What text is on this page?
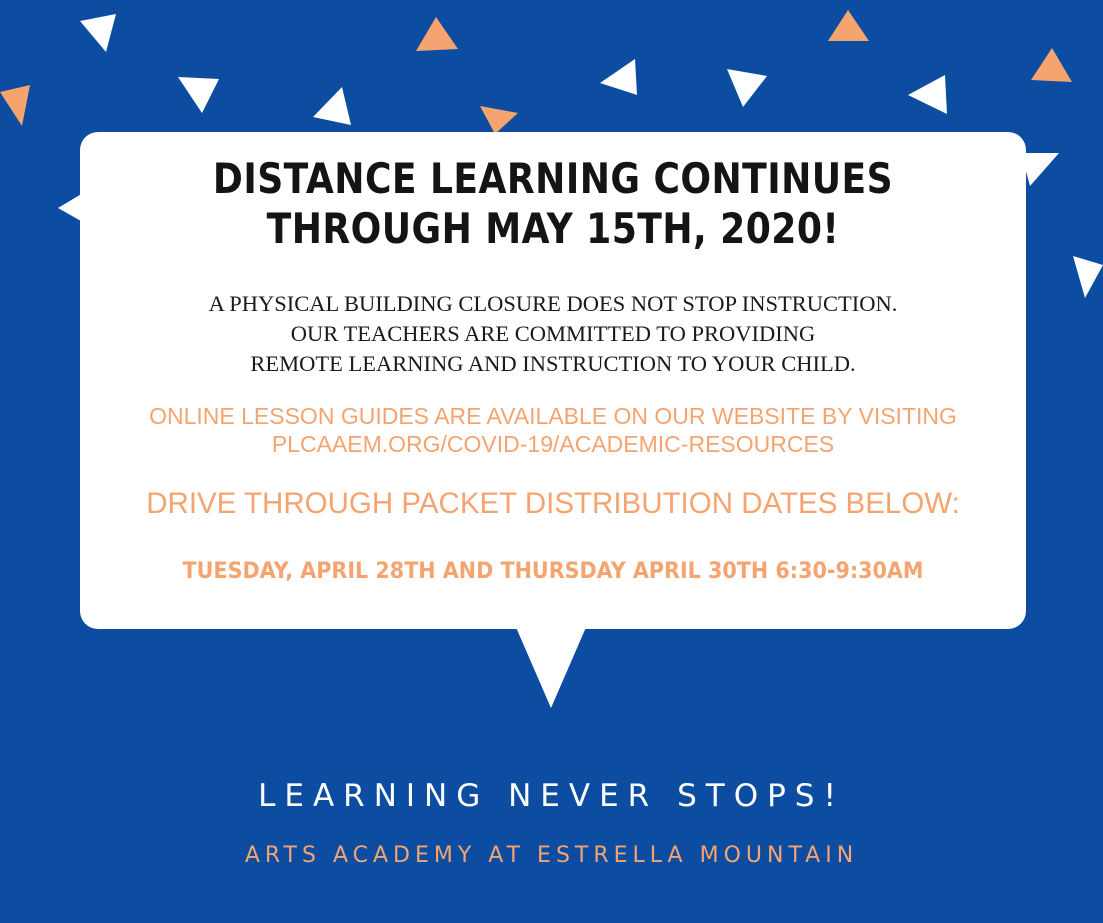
DISTANCE LEARNING CONTINUES
THROUGH MAY 15TH, 2020!
A PHYSICAL BUILDING CLOSURE DOES NOT STOP INSTRUCTION.
OUR TEACHERS ARE COMMITTED TO PROVIDING
REMOTE LEARNING AND INSTRUCTION TO YOUR CHILD.
ONLINE LESSON GUIDES ARE AVAILABLE ON OUR WEBSITE BY VISITING
PLCAAEM.ORG/COVID-19/ACADEMIC-RESOURCES
DRIVE THROUGH PACKET DISTRIBUTION DATES BELOW:
TUESDAY, APRIL 28TH AND THURSDAY APRIL 30TH 6:30-9:30AM
LEARNING NEVER STOPS!
ARTS ACADEMY AT ESTRELLA MOUNTAIN
